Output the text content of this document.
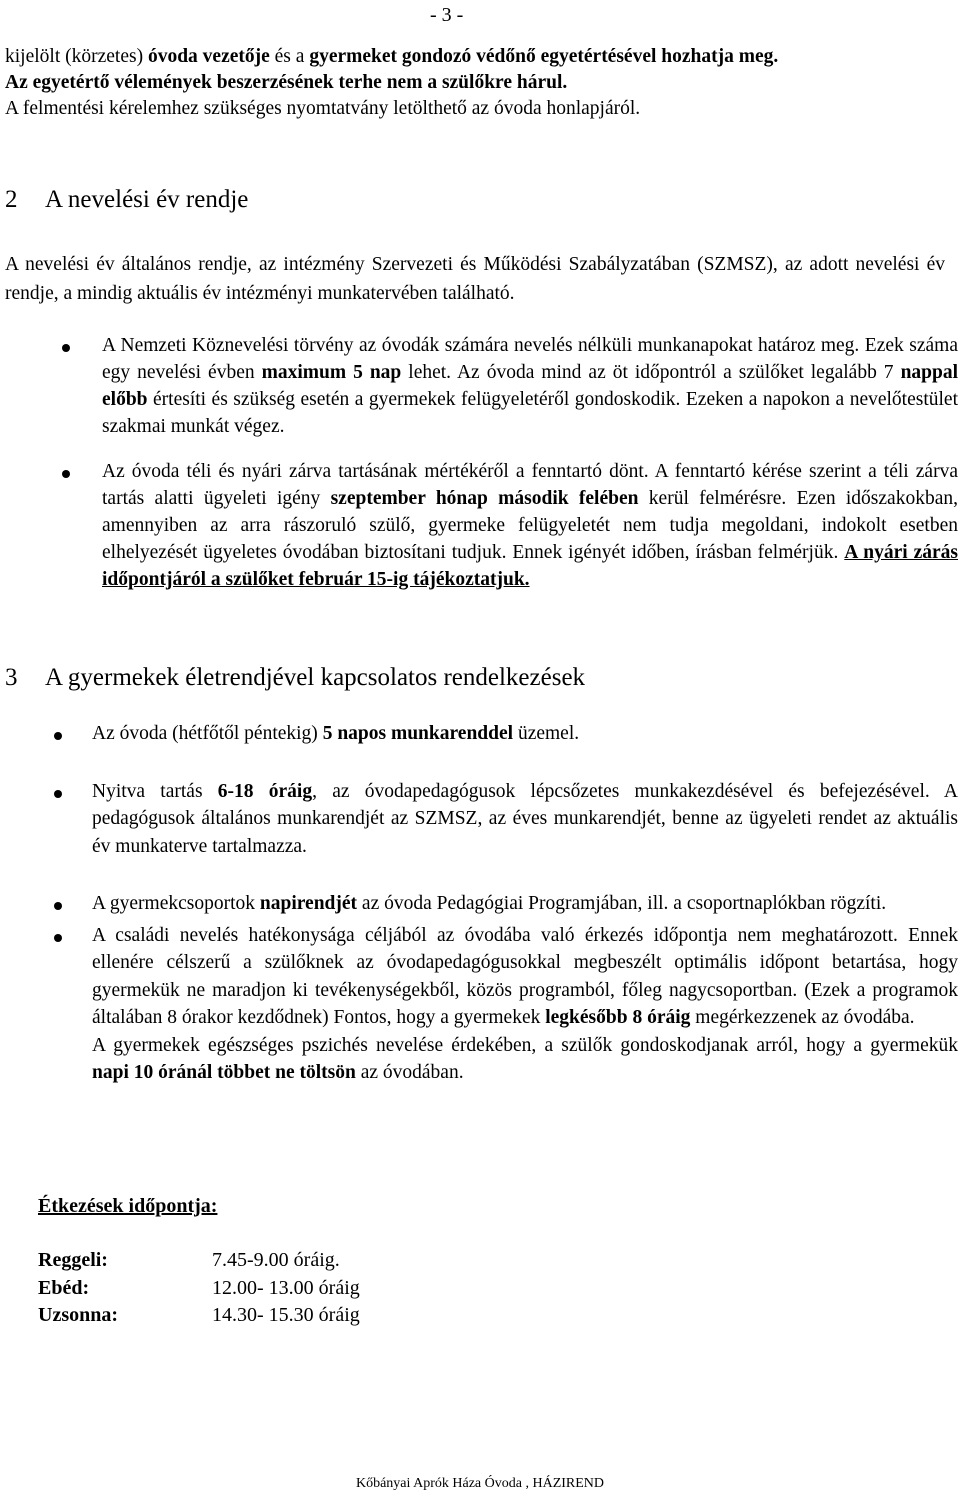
- 3 -
kijelölt (körzetes) óvoda vezetője és a gyermeket gondozó védőnő egyetértésével hozhatja meg.
Az egyetértő vélemények beszerzésének terhe nem a szülőkre hárul.
A felmentési kérelemhez szükséges nyomtatvány letölthető az óvoda honlapjáról.
2 A nevelési év rendje
A nevelési év általános rendje, az intézmény Szervezeti és Működési Szabályzatában (SZMSZ), az adott nevelési év rendje, a mindig aktuális év intézményi munkatervében található.
A Nemzeti Köznevelési törvény az óvodák számára nevelés nélküli munkanapokat határoz meg. Ezek száma egy nevelési évben maximum 5 nap lehet. Az óvoda mind az öt időpontról a szülőket legalább 7 nappal előbb értesíti és szükség esetén a gyermekek felügyeletéről gondoskodik. Ezeken a napokon a nevelőtestület szakmai munkát végez.
Az óvoda téli és nyári zárva tartásának mértékéről a fenntartó dönt. A fenntartó kérése szerint a téli zárva tartás alatti ügyeleti igény szeptember hónap második felében kerül felmérésre. Ezen időszakokban, amennyiben az arra rászoruló szülő, gyermeke felügyeletét nem tudja megoldani, indokolt esetben elhelyezését ügyeletes óvodában biztosítani tudjuk. Ennek igényét időben, írásban felmérjük. A nyári zárás időpontjáról a szülőket február 15-ig tájékoztatjuk.
3 A gyermekek életrendjével kapcsolatos rendelkezések
Az óvoda (hétfőtől péntekig) 5 napos munkarenddel üzemel.
Nyitva tartás 6-18 óráig, az óvodapedagógusok lépcsőzetes munkakezdésével és befejezésével. A pedagógusok általános munkarendjét az SZMSZ, az éves munkarendjét, benne az ügyeleti rendet az aktuális év munkaterve tartalmazza.
A gyermekcsoportok napirendjét az óvoda Pedagógiai Programjában, ill. a csoportnaplókban rögzíti.
A családi nevelés hatékonysága céljából az óvodába való érkezés időpontja nem meghatározott. Ennek ellenére célszerű a szülőknek az óvodapedagógusokkal megbeszélt optimális időpont betartása, hogy gyermekük ne maradjon ki tevékenységekből, közös programból, főleg nagycsoportban. (Ezek a programok általában 8 órakor kezdődnek) Fontos, hogy a gyermekek legkésőbb 8 óráig megérkezzenek az óvodába.
A gyermekek egészséges pszichés nevelése érdekében, a szülők gondoskodjanak arról, hogy a gyermekük napi 10 óránál többet ne töltsön az óvodában.
Étkezések időpontja:
Reggeli:	7.45-9.00 óráig.
Ebéd:	12.00- 13.00 óráig
Uzsonna:	14.30- 15.30 óráig
Kőbányai Aprók Háza Óvoda , HÁZIREND
